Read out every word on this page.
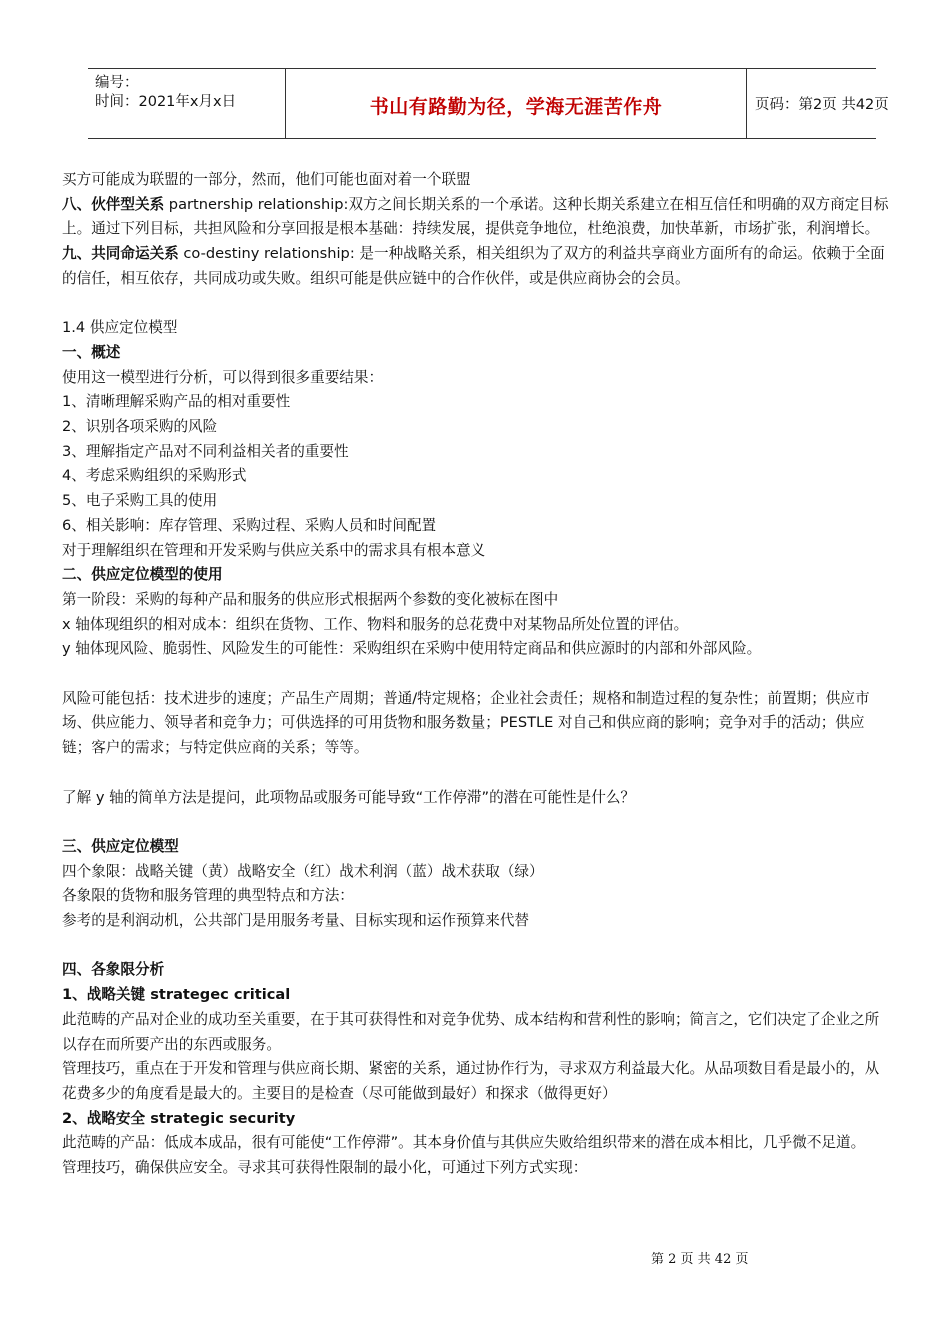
编号：
时间：2021年x月x日	书山有路勤为径，学海无涯苦作舟	页码：第2页 共42页

买方可能成为联盟的一部分，然而，他们可能也面对着一个联盟

八、伙伴型关系 partnership relationship:双方之间长期关系的一个承诺。这种长期关系建立在相互信任和明确的双方商定目标上。通过下列目标，共担风险和分享回报是根本基础：持续发展，提供竞争地位，杜绝浪费，加快革新，市场扩张，利润增长。

九、共同命运关系 co-destiny relationship: 是一种战略关系，相关组织为了双方的利益共享商业方面所有的命运。依赖于全面的信任，相互依存，共同成功或失败。组织可能是供应链中的合作伙伴，或是供应商协会的会员。

1.4 供应定位模型

一、概述

使用这一模型进行分析，可以得到很多重要结果：

1、清晰理解采购产品的相对重要性

2、识别各项采购的风险

3、理解指定产品对不同利益相关者的重要性

4、考虑采购组织的采购形式

5、电子采购工具的使用

6、相关影响：库存管理、采购过程、采购人员和时间配置

对于理解组织在管理和开发采购与供应关系中的需求具有根本意义

二、供应定位模型的使用

第一阶段：采购的每种产品和服务的供应形式根据两个参数的变化被标在图中

x 轴体现组织的相对成本：组织在货物、工作、物料和服务的总花费中对某物品所处位置的评估。

y 轴体现风险、脆弱性、风险发生的可能性：采购组织在采购中使用特定商品和供应源时的内部和外部风险。

风险可能包括：技术进步的速度；产品生产周期；普通/特定规格；企业社会责任；规格和制造过程的复杂性；前置期；供应市场、供应能力、领导者和竞争力；可供选择的可用货物和服务数量；PESTLE 对自己和供应商的影响；竞争对手的活动；供应链；客户的需求；与特定供应商的关系；等等。

了解 y 轴的简单方法是提问，此项物品或服务可能导致“工作停滞”的潜在可能性是什么？

三、供应定位模型

四个象限：战略关键（黄）战略安全（红）战术利润（蓝）战术获取（绿）

各象限的货物和服务管理的典型特点和方法：

参考的是利润动机，公共部门是用服务考量、目标实现和运作预算来代替

四、各象限分析

1、战略关键 strategec critical

此范畴的产品对企业的成功至关重要，在于其可获得性和对竞争优势、成本结构和营利性的影响；简言之，它们决定了企业之所以存在而所要产出的东西或服务。

管理技巧，重点在于开发和管理与供应商长期、紧密的关系，通过协作行为，寻求双方利益最大化。从品项数目看是最小的，从花费多少的角度看是最大的。主要目的是检查（尽可能做到最好）和探求（做得更好）

2、战略安全 strategic security

此范畴的产品：低成本成品，很有可能使“工作停滞”。其本身价值与其供应失败给组织带来的潜在成本相比，几乎微不足道。

管理技巧，确保供应安全。寻求其可获得性限制的最小化，可通过下列方式实现：

第 2 页 共 42 页
